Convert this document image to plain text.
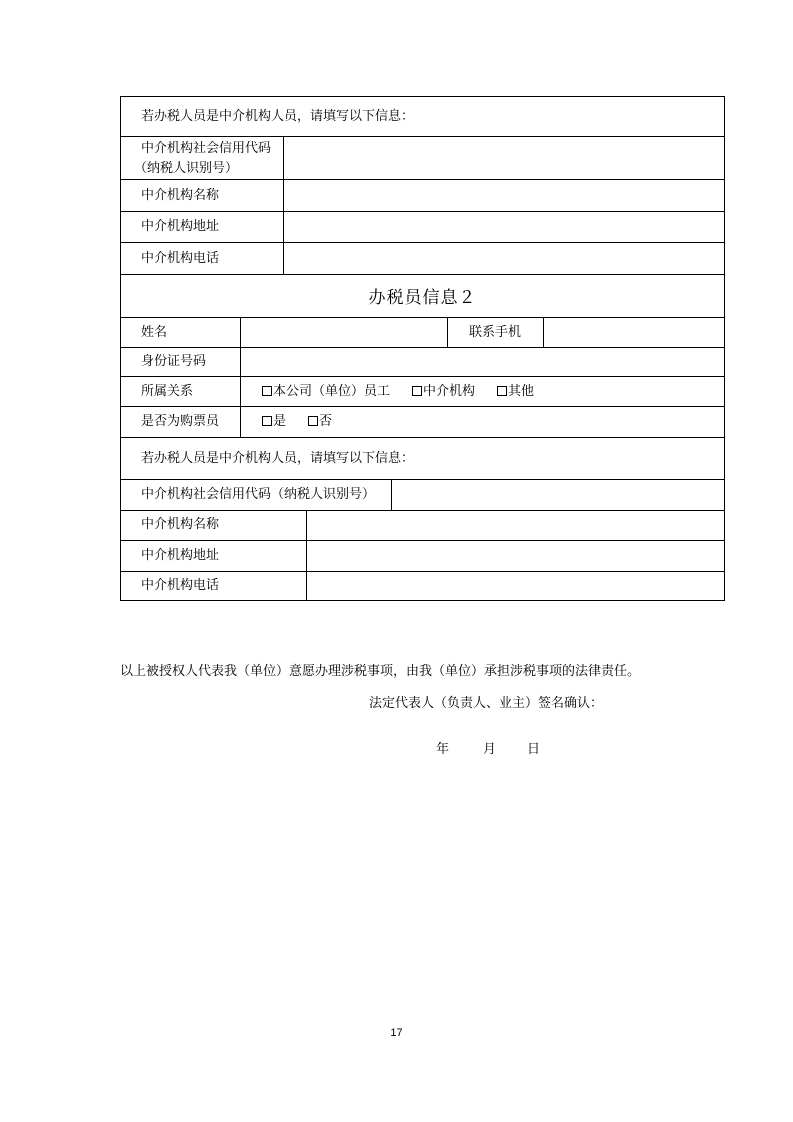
若办税人员是中介机构人员，请填写以下信息：
中介机构社会信用代码
（纳税人识别号）
中介机构名称
中介机构地址
中介机构电话
办税员信息２
姓名	联系手机
身份证号码
所属关系	本公司（单位）员工	中介机构	其他
是否为购票员	是	否
若办税人员是中介机构人员，请填写以下信息：
中介机构社会信用代码（纳税人识别号）
中介机构名称
中介机构地址
中介机构电话
以上被授权人代表我（单位）意愿办理涉税事项，由我（单位）承担涉税事项的法律责任。
法定代表人（负责人、业主）签名确认：
年	月 日
17
